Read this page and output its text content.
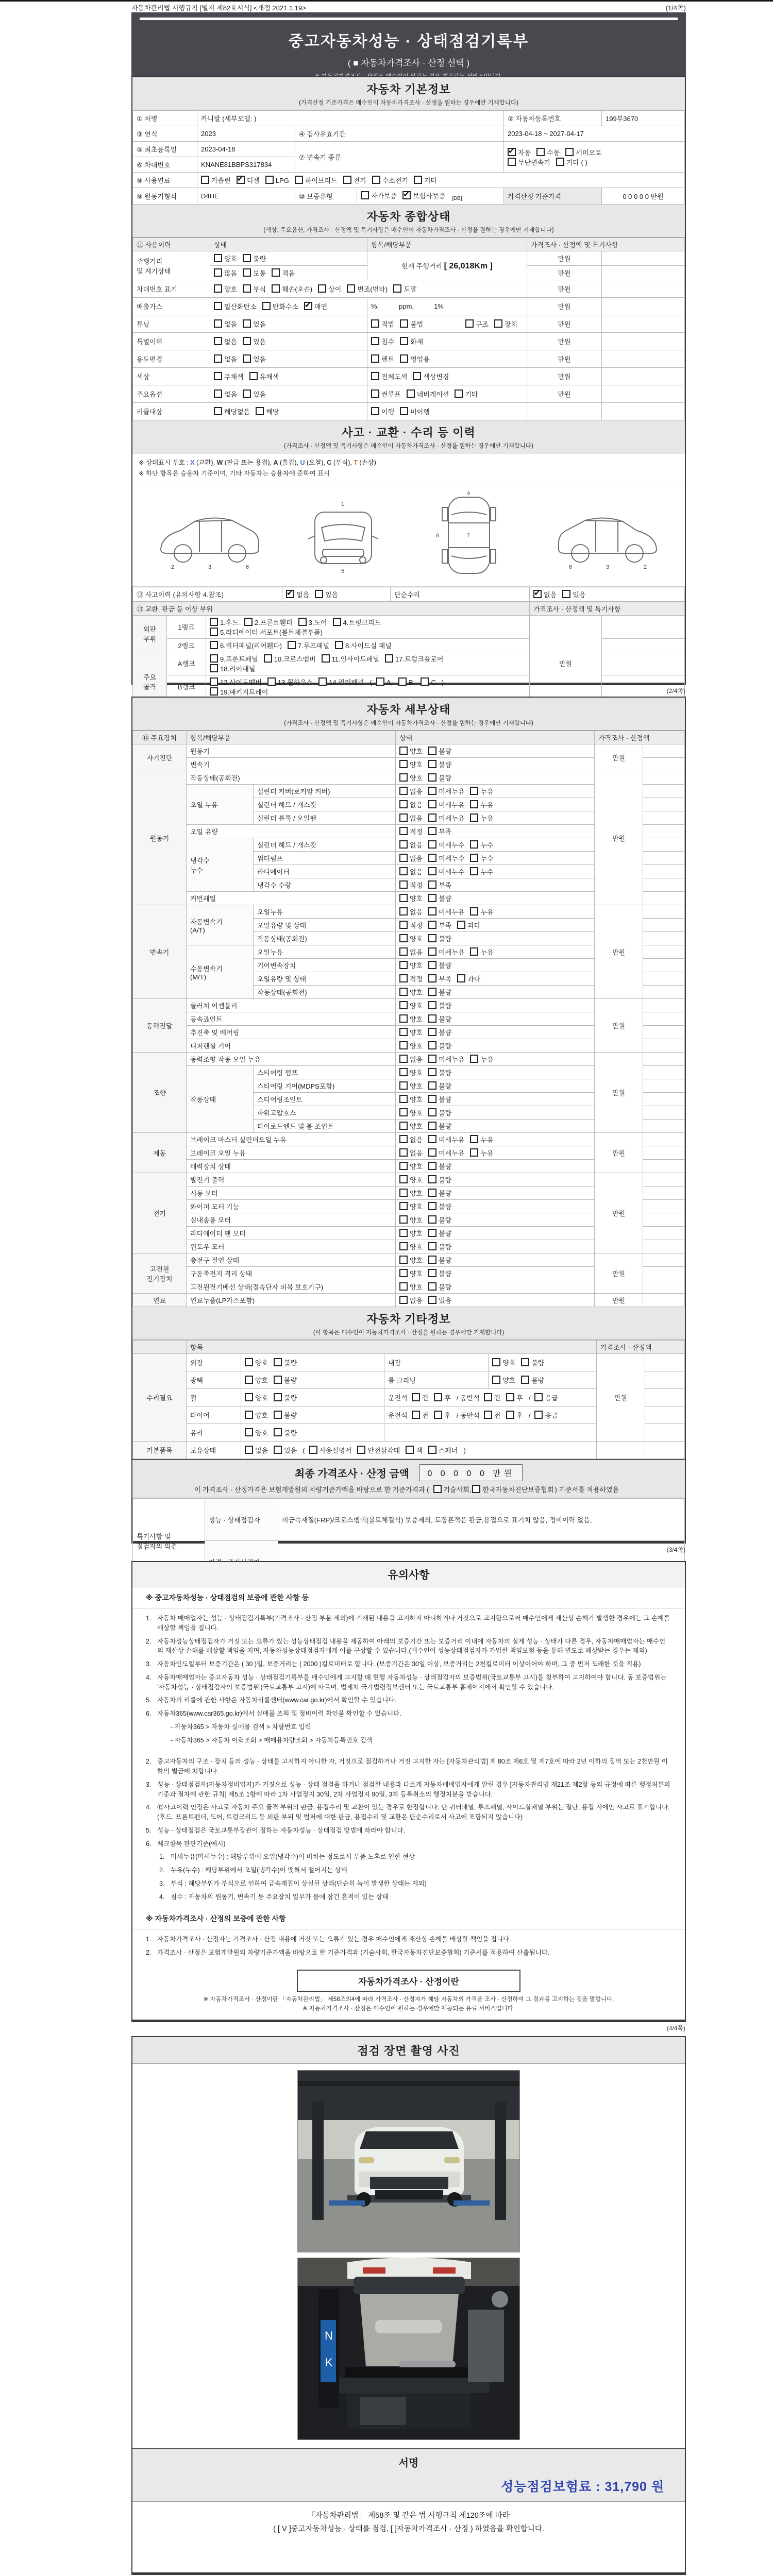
자동차관리법 시행규칙 [별지 제82호서식] <개정 2021.1.19>	(1/4쪽)
중고자동차성능 · 상태점검기록부
( ■ 자동차가격조사 · 산정 선택 )
자동차 기본정보
(가격산정 기준가격은 매수인이 자동차가격조사 · 산정을 원하는 경우에만 기재합니다)
① 차명	카니발 (세부모델: )			② 자동차등록번호	199부3670
③ 연식	2023	④ 검사유효기간		2023-04-18 ~ 2027-04-17	
⑤ 최초등록일	2023-04-18	⑦ 변속기 종류	✔자동 수동 세미오토
무단변속기 기타 ( )
⑥ 차대번호	KNANE81BBPS317834				
⑧ 사용연료	가솔린 ✔ 디젤 LPG 하이브리드 전기 수소전기 기타
⑨ 원동기형식	D4HE	⑩ 보증유형	자가보증 ✔ 보험사보증 $_{[DB]}$	가격산정 기준가격	0 0 0 0 0 만원
자동차 종합상태
(색상, 주요옵션, 가격조사 · 산정액 및 특기사항은 매수인이 자동차가격조사 · 산정을 원하는 경우에만 기재합니다)
⑪ 사용이력	상태	항목/해당부품	가격조사 · 산정액 및 특기사항	
주행거리
및 계기상태	양호 불량	현재 주행거리 [ 26,018Km ]	만원	
	많음 보통 적음		만원	
차대번호 표기	양호 부식 훼손(오손) 상이 변조(변타) 도말		만원	
배출가스	일산화탄소 탄화수소 ✔ 매연	%,   ppm,   1%	만원	
튜닝	없음 있음	적법 불법 구조 장치	만원	
특별이력	없음 있음	침수 화재	만원	
용도변경	없음 있음	렌트 영업용	만원	
색상	무채색 유채색	전체도색 색상변경	만원	
주요옵션	없음 있음	썬루프 네비게이션 기타	만원	
리콜대상	해당없음 해당	이행 미이행		
사고 · 교환 · 수리 등 이력
(가격조사 · 산정액 및 특기사항은 매수인이 자동차가격조사 · 산정을 원하는 경우에만 기재합니다)
※ 상태표시 부호 : X (교환), W (판금 또는 용접), A (흠집), U (요철), C (부식), T (손상)
※ 하단 항목은 승용차 기준이며, 기타 자동차는 승용차에 준하여 표시
2	3	6
1
5
7
4
8
2
3
6
⑫ 사고이력 (유의사항 4.참조)	✔없음 있음	단순수리	✔없음 있음
⑬ 교환, 판금 등 이상 부위			가격조사 · 산정액 및 특기사항	
외판
부위	1랭크	
1.후드 2.프론트휀더 3.도어 4.트렁크리드
5.라디에이터 서포트(볼트체결부품)
	만원	
	2랭크	6.쿼터패널(리어휀다) 7.루프패널 8.사이드실 패널		

주요
골격	A랭크	
9.프론트패널 10.크로스멤버 11.인사이드패널 17.트렁크플로어
18.리어패널

	B랭크	12.사이드멤버 13.휠하우스 14.필러패널 ( A, B, C )
19.패키지트레이		

		(2/4쪽)
자동차 세부상태
(가격조사 · 산정액 및 특기사항은 매수인이 자동차가격조사 · 산정을 원하는 경우에만 기재합니다)
⑭ 주요장치	항목/해당부품		상태	가격조사 · 산정액	
자기진단	원동기		양호 불량	만원	
	변속기		양호 불량		
원동기	작동상태(공회전)		양호 불량	만원	
	오일 누유	실린더 커버(로커암 커버)	없음 미세누유 누유		
		실린더 헤드 / 개스킷	없음 미세누유 누유		
		실린더 블록 / 오일팬	없음 미세누유 누유		
	오일 유량		적정 부족		
	냉각수
누수	실린더 헤드 / 개스킷	없음 미세누수 누수		
		워터펌프	없음 미세누수 누수		
		라디에이터	없음 미세누수 누수		
		냉각수 수량	적정 부족		
	커먼레일		양호 불량		
변속기	자동변속기
(A/T)	오일누유	없음 미세누유 누유	만원	
		오일유량 및 상태	적정 부족 과다		
		작동상태(공회전)	양호 불량		
	수동변속기
(M/T)	오일누유	없음 미세누유 누유		
		기어변속장치	양호 불량		
		오일유량 및 상태	적정 부족 과다		
		작동상태(공회전)	양호 불량		
동력전달	클러치 어셈블리		양호 불량	만원	
	등속죠인트		양호 불량		
	추진축 및 베어링		양호 불량		
	디퍼렌셜 기어		양호 불량		
조향	동력조향 작동 오일 누유		없음 미세누유 누유	만원	
	작동상태	스티어링 펌프	양호 불량		
		스티어링 기어(MDPS포함)	양호 불량		
		스티어링조인트	양호 불량		
		파워고압호스	양호 불량		
		타이로드엔드 및 볼 조인트	양호 불량		
제동	브레이크 마스터 실린더오일 누유		없음 미세누유 누유	만원	
	브레이크 오일 누유		없음 미세누유 누유		
	배력장치 상태		양호 불량		
전기	발전기 출력		양호 불량	만원	
	시동 모터		양호 불량		
	와이퍼 모터 기능		양호 불량		
	실내송풍 모터		양호 불량		
	라디에이터 팬 모터		양호 불량		
	윈도우 모터		양호 불량		
고전원
전기장치	충전구 절연 상태		양호 불량	만원	
	구동축전지 격리 상태		양호 불량		
	고전원전기배선 상태(접속단자 피복 보호기구)		양호 불량		
연료	연료누출(LP가스포함)		없음 있음	만원	
자동차 기타정보
(이 항목은 매수인이 자동차가격조사 · 산정을 원하는 경우에만 기재합니다)
	항목				가격조사 · 산정액	
수리필요	외장	양호 불량	내장	양호 불량	만원	
	광택	양호 불량	룸 크리닝	양호 불량		
	휠	양호 불량	운전석 전 후 / 동반석 전 후 / 응급			
	타이어	양호 불량	운전석 전 후 / 동반석 전 후 / 응급			
	유리	양호 불량				
기본품목	보유상태	없음 있음 ( 사용설명서 안전삼각대 잭 스패너 )				
최종 가격조사 · 산정 금액 0 0 0 0 0 만원
이 가격조사 · 산정가격은 보험개발원의 차량기준가액을 바탕으로 한 기준가격과 ( 기술사회, 한국자동차진단보증협회 ) 기준서를 적용하였음
특기사항 및
점검자의 의견	성능 · 상태점검자	비금속재질(FRP)/크로스멤버(볼트체결식) 보증제외, 도장흔적은 판금,용접으로 표기치 않음, 정비이력 없음,

(3/4쪽)
유의사항
※ 중고자동차성능 · 상태점검의 보증에 관한 사항 등
1. 자동차 매매업자는 성능 · 상태점검기록부(가격조사 · 산정 부분 제외)에 기재된 내용을 고지하지 아니하거나 거짓으로 고지함으로써 매수인에게 재산상 손해가 발생한 경우에는 그 손해를 배상할 책임을 집니다.
2. 자동차성능상태점검자가 거짓 또는 오류가 있는 성능상태점검 내용을 제공하여 아래의 보증기간 또는 보증거리 이내에 자동차의 실제 성능 · 상태가 다른 경우, 자동차매매업자는 매수인의 재산상 손해를 배상할 책임을 지며, 자동차성능상태점검자에게 이를 구상할 수 있습니다.(매수인이 성능상태점검자가 가입한 책임보험 등을 통해 별도로 배상받는 경우는 제외)
3. 자동차인도일부터 보증기간은 ( 30 )일, 보증거리는 ( 2000 )킬로미터로 합니다. (보증기간은 30일 이상, 보증거리는 2천킬로미터 이상이어야 하며, 그 중 먼저 도래한 것을 적용)
4. 자동차매매업자는 중고자동차 성능 · 상태점검기록부를 매수인에게 고지할 때 현행 자동차성능 · 상태점검자의 보증범위(국토교통부 고시)를 첨부하여 고지하여야 합니다. 동 보증범위는 '자동차성능 · 상태점검자의 보증범위'(국토교통부 고시)에 따르며, 법제처 국가법령정보센터 또는 국토교통부 홈페이지에서 확인할 수 있습니다.
5. 자동차의 리콜에 관한 사항은 자동차리콜센터(www.car.go.kr)에서 확인할 수 있습니다.
6. 자동차365(www.car365.go.kr)에서 실매물 조회 및 정비이력 확인을 확인할 수 있습니다.
- 자동차365 > 자동차 실매물 검색 > 차량번호 입력
- 자동차365 > 자동차 이력조회 > 매매용차량조회 > 자동차등록번호 검색
2. 중고자동차의 구조 · 장치 등의 성능 · 상태를 고지하지 아니한 자, 거짓으로 점검하거나 거짓 고지한 자는 [자동차관리법] 제 80조 제6호 및 제7호에 따라 2년 이하의 징역 또는 2천만원 이하의 벌금에 처합니다.
3. 성능 · 상태점검자(자동차정비업자)가 거짓으로 성능 · 상태 점검을 하거나 점검한 내용과 다르게 자동차매매업자에게 알린 경우 [자동차관리법 제21조 제2항 등의 규정에 따른 행정처분의 기준과 절차에 관한 규칙] 제5조 1항에 따라 1차 사업정지 30일, 2차 사업정지 90일, 3차 등록취소의 행정처분을 받습니다.
4. ⑫사고이력 인정은 사고로 자동차 주요 골격 부위의 판금, 용접수리 및 교환이 있는 경우로 한정합니다. 단 쿼터패널, 루프패널, 사이드실패널 부위는 절단, 용접 시에만 사고로 표기합니다. (후드, 프론트펜더, 도어, 트렁크리드 등 외판 부위 및 범퍼에 대한 판금, 용접수리 및 교환은 단순수리로서 사고에 포함되지 않습니다)
5. 성능 · 상태점검은 국토교통부장관이 정하는 자동차성능 · 상태점검 방법에 따라야 합니다.
6. 체크항목 판단기준(예시)
1. 미세누유(미세누수) : 해당부위에 오일(냉각수)이 비치는 정도로서 부품 노후로 인한 현상
2. 누유(누수) : 해당부위에서 오일(냉각수)이 맺혀서 떨어지는 상태
3. 부식 : 해당부위가 부식으로 인하여 금속재질이 상실된 상태(단순히 녹이 발생한 상태는 제외)
4. 침수 : 자동차의 원동기, 변속기 등 주요장치 일부가 물에 잠긴 흔적이 있는 상태
※ 자동차가격조사 · 산정의 보증에 관한 사항
1. 자동차가격조사 · 산정자는 가격조사 · 산정 내용에 거짓 또는 오류가 있는 경우 매수인에게 재산상 손해를 배상할 책임을 집니다.
2. 가격조사 · 산정은 보험개발원의 차량기준가액을 바탕으로 한 기준가격과 (기술사회, 한국자동차진단보증협회) 기준서를 적용하여 산출됩니다.
자동차가격조사 · 산정이란
※ 자동차가격조사 · 산정이란 「자동차관리법」 제58조의4에 따라 가격조사 · 산정자가 해당 자동차의 가격을 조사 · 산정하여 그 결과를 고지하는 것을 말합니다.
※ 자동차가격조사 · 산정은 매수인이 원하는 경우에만 제공되는 유료 서비스입니다.
(4/4쪽)
점검 장면 촬영 사진
N
K
서명
성능점검보험료 : 31,790 원
「자동차관리법」 제58조 및 같은 법 시행규칙 제120조에 따라
( [ V ]중고자동차성능 · 상태를 점검, [ ]자동차가격조사 · 산정 ) 하였음을 확인합니다.
